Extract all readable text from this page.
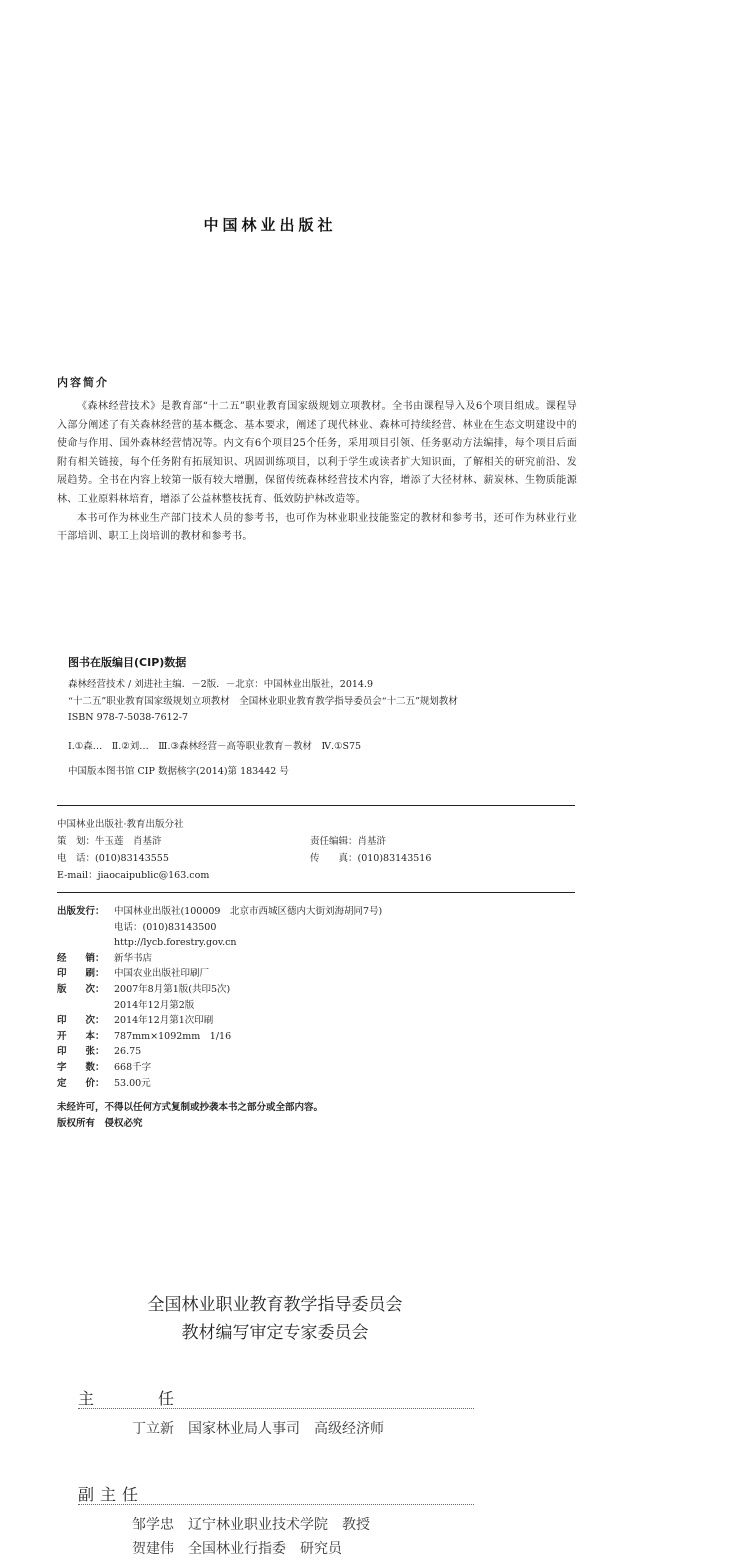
中国林业出版社
内容简介

《森林经营技术》是教育部“十二五”职业教育国家级规划立项教材。全书由课程导入及6个项目组成。课程导入部分阐述了有关森林经营的基本概念、基本要求，阐述了现代林业、森林可持续经营、林业在生态文明建设中的使命与作用、国外森林经营情况等。内文有6个项目25个任务，采用项目引领、任务驱动方法编排，每个项目后面附有相关链接，每个任务附有拓展知识、巩固训练项目，以利于学生或读者扩大知识面，了解相关的研究前沿、发展趋势。全书在内容上较第一版有较大增删，保留传统森林经营技术内容，增添了大径材林、薪炭林、生物质能源林、工业原料林培育，增添了公益林整枝抚育、低效防护林改造等。

本书可作为林业生产部门技术人员的参考书，也可作为林业职业技能鉴定的教材和参考书，还可作为林业行业干部培训、职工上岗培训的教材和参考书。

图书在版编目(CIP)数据
森林经营技术 / 刘进社主编．－2版．－北京：中国林业出版社，2014.9
“十二五”职业教育国家级规划立项教材　全国林业职业教育教学指导委员会“十二五”规划教材
ISBN 978-7-5038-7612-7
Ⅰ.①森…　Ⅱ.②刘…　Ⅲ.③森林经营－高等职业教育－教材　Ⅳ.①S75
中国版本图书馆 CIP 数据核字(2014)第 183442 号
中国林业出版社·教育出版分社
策　划：牛玉莲　肖基浒	责任编辑：肖基浒
电　话：(010)83143555	传　　真：(010)83143516
E-mail：jiaocaipublic@163.com
出版发行： 中国林业出版社(100009　北京市西城区德内大街刘海胡同7号)
电话：(010)83143500
http://lycb.forestry.gov.cn
经　　销： 新华书店
印　　刷： 中国农业出版社印刷厂
版　　次： 2007年8月第1版(共印5次)
2014年12月第2版
印　　次： 2014年12月第1次印刷
开　　本： 787mm×1092mm　1/16
印　　张： 26.75
字　　数： 668千字
定　　价： 53.00元
未经许可，不得以任何方式复制或抄袭本书之部分或全部内容。
版权所有　侵权必究
全国林业职业教育教学指导委员会
教材编写审定专家委员会
主　任
丁立新 国家林业局人事司 高级经济师
副主任
邹学忠 辽宁林业职业技术学院 教授
贺建伟 全国林业行指委 研究员
